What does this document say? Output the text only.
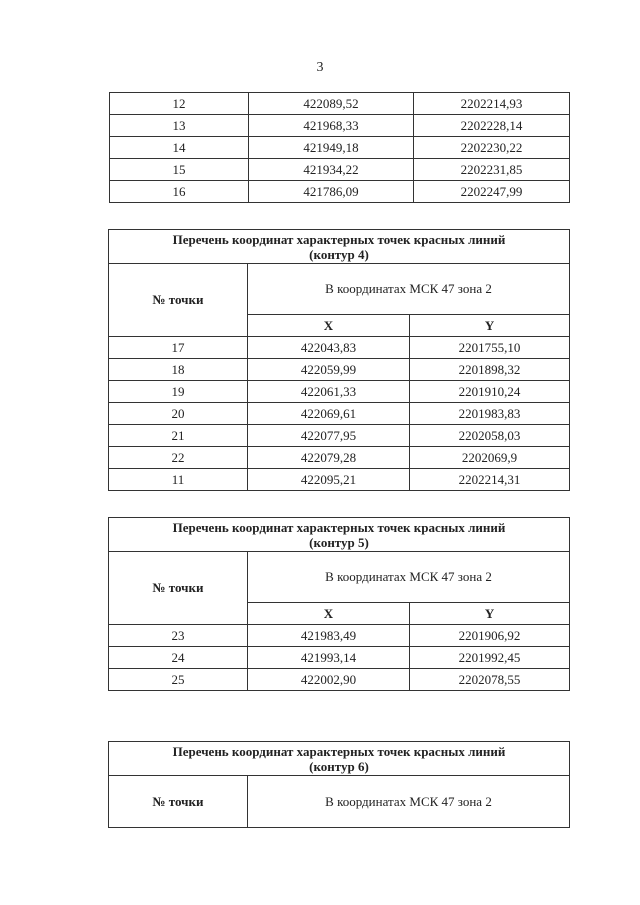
3
12	422089,52	2202214,93
13	421968,33	2202228,14
14	421949,18	2202230,22
15	421934,22	2202231,85
16	421786,09	2202247,99
Перечень координат характерных точек красных линий
(контур 4)		

№ точки	В координатах МСК 47 зона 2	
	X	Y
17	422043,83	2201755,10
18	422059,99	2201898,32
19	422061,33	2201910,24
20	422069,61	2201983,83
21	422077,95	2202058,03
22	422079,28	2202069,9
11	422095,21	2202214,31
Перечень координат характерных точек красных линий
(контур 5)		

№ точки	В координатах МСК 47 зона 2	
	X	Y
23	421983,49	2201906,92
24	421993,14	2201992,45
25	422002,90	2202078,55
Перечень координат характерных точек красных линий
(контур 6)

№ точки	В координатах МСК 47 зона 2
